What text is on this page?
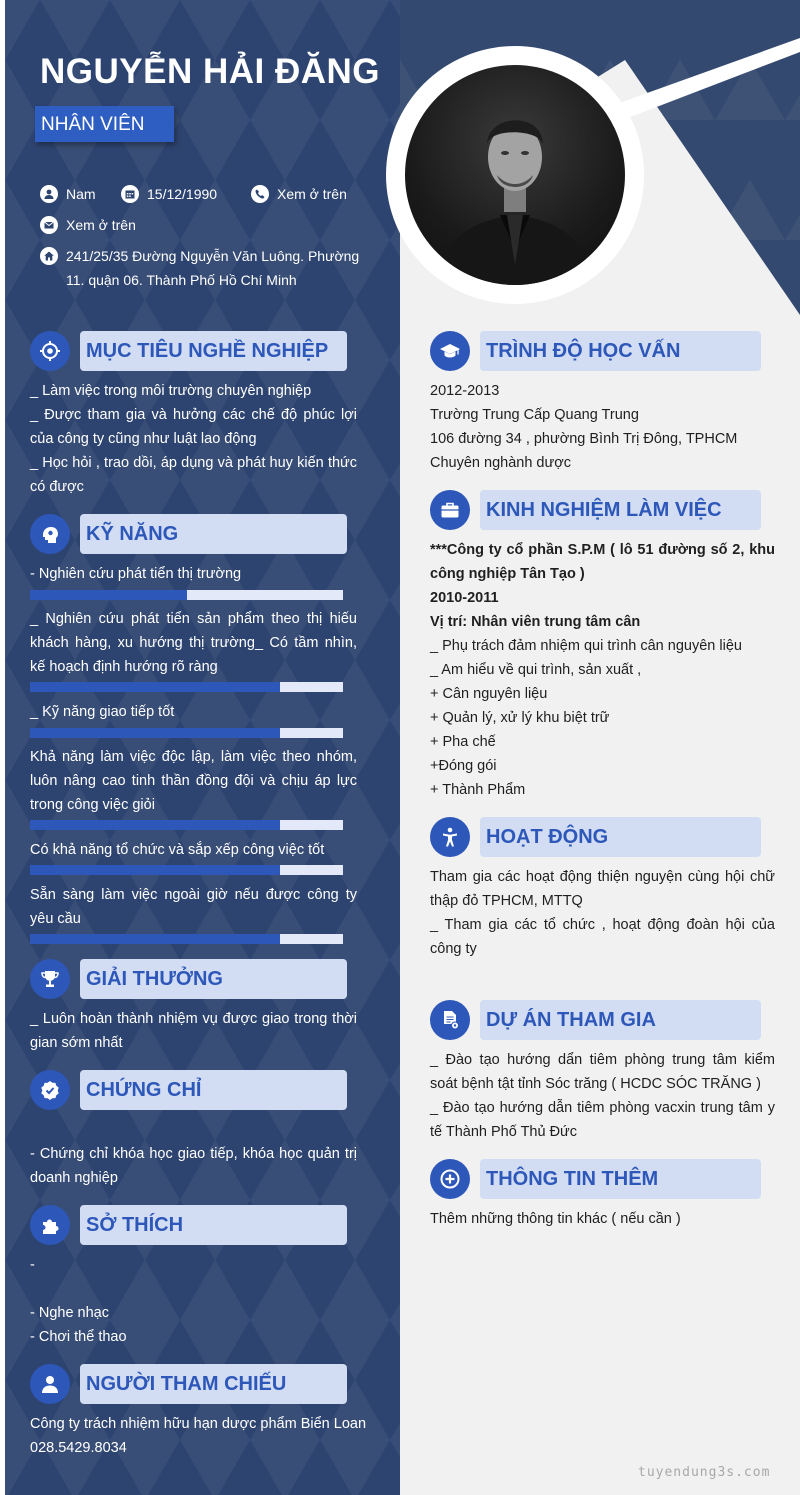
NGUYỄN HẢI ĐĂNG
NHÂN VIÊN
Nam	15/12/1990	Xem ở trên
Xem ở trên
241/25/35 Đường Nguyễn Văn Luông. Phường 11. quận 06. Thành Phố Hồ Chí Minh
MỤC TIÊU NGHỀ NGHIỆP

_ Làm việc trong môi trường chuyên nghiệp

_ Được tham gia và hưởng các chế độ phúc lợi của công ty cũng như luật lao động

_ Học hỏi , trao dồi, áp dụng và phát huy kiến thức có được

KỸ NĂNG
- Nghiên cứu phát tiển thị trường
_ Nghiên cứu phát tiển sản phẩm theo thị hiếu khách hàng, xu hướng thị trường_ Có tầm nhìn, kế hoạch định hướng rõ ràng
_ Kỹ năng giao tiếp tốt
Khả năng làm việc độc lập, làm việc theo nhóm, luôn nâng cao tinh thần đồng đội và chịu áp lực trong công việc giỏi
Có khả năng tổ chức và sắp xếp công việc tốt
Sẵn sàng làm việc ngoài giờ nếu được công ty yêu cầu
GIẢI THƯỞNG
_ Luôn hoàn thành nhiệm vụ được giao trong thời gian sớm nhất
CHỨNG CHỈ
- Chứng chỉ khóa học giao tiếp, khóa học quản trị doanh nghiệp
SỞ THÍCH
-
- Nghe nhạc
- Chơi thể thao
NGƯỜI THAM CHIẾU

Công ty trách nhiệm hữu hạn dược phẩm Biển Loan

028.5429.8034

TRÌNH ĐỘ HỌC VẤN

2012-2013

Trường Trung Cấp Quang Trung

106 đường 34 , phường Bình Trị Đông, TPHCM

Chuyên nghành dược

KINH NGHIỆM LÀM VIỆC

***Công ty cổ phần S.P.M ( lô 51 đường số 2, khu công nghiệp Tân Tạo )

2010-2011

Vị trí: Nhân viên trung tâm cân

_ Phụ trách đảm nhiệm qui trình cân nguyên liệu

_ Am hiểu về qui trình, sản xuất ,

+ Cân nguyên liệu

+ Quản lý, xử lý khu biệt trữ

+ Pha chế

+Đóng gói

+ Thành Phẩm

HOẠT ĐỘNG

Tham gia các hoạt động thiện nguyện cùng hội chữ thập đỏ TPHCM, MTTQ

_ Tham gia các tổ chức , hoạt động đoàn hội của công ty

DỰ ÁN THAM GIA

_ Đào tạo hướng dẩn tiêm phòng trung tâm kiểm soát bệnh tật tỉnh Sóc trăng ( HCDC SÓC TRĂNG )

_ Đào tạo hướng dẫn tiêm phòng vacxin trung tâm y tế Thành Phố Thủ Đức

THÔNG TIN THÊM
Thêm những thông tin khác ( nếu cần )
tuyendung3s.com
